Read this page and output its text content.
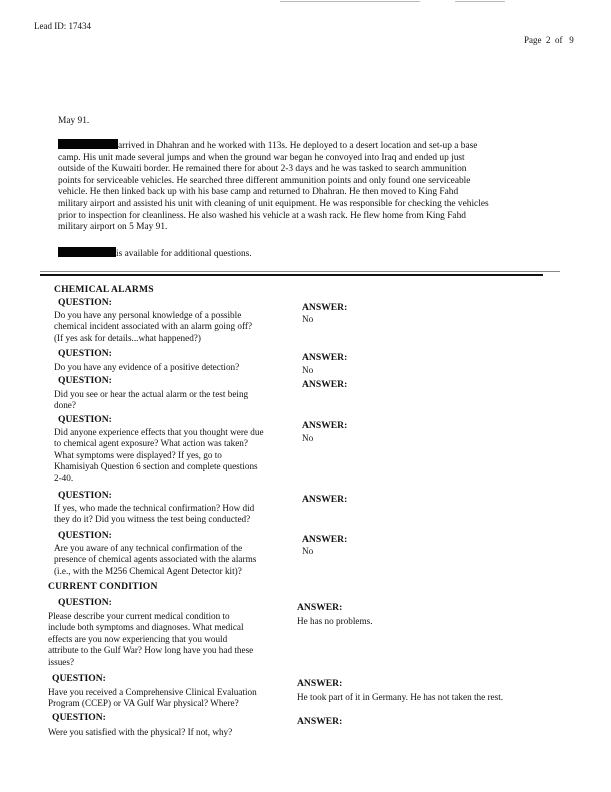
Lead ID: 17434
Page 2 of 9
May 91.
arrived in Dhahran and he worked with 113s. He deployed to a desert location and set-up a base
camp. His unit made several jumps and when the ground war began he convoyed into Iraq and ended up just
outside of the Kuwaiti border. He remained there for about 2-3 days and he was tasked to search ammunition
points for serviceable vehicles. He searched three different ammunition points and only found one serviceable
vehicle. He then linked back up with his base camp and returned to Dhahran. He then moved to King Fahd
military airport and assisted his unit with cleaning of unit equipment. He was responsible for checking the vehicles
prior to inspection for cleanliness. He also washed his vehicle at a wash rack. He flew home from King Fahd
military airport on 5 May 91.
is available for additional questions.
CHEMICAL ALARMS
QUESTION:	ANSWER:
Do you have any personal knowledge of a possible
chemical incident associated with an alarm going off?
(If yes ask for details...what happened?)
No
QUESTION:	ANSWER:
Do you have any evidence of a positive detection?	No
QUESTION:	ANSWER:
Did you see or hear the actual alarm or the test being
done?
QUESTION:
ANSWER:
Did anyone experience effects that you thought were due
to chemical agent exposure? What action was taken?
What symptoms were displayed? If yes, go to
Khamisiyah Question 6 section and complete questions
2-40.
No
QUESTION:	ANSWER:
If yes, who made the technical confirmation? How did
they do it? Did you witness the test being conducted?
QUESTION:	ANSWER:
Are you aware of any technical confirmation of the
presence of chemical agents associated with the alarms
(i.e., with the M256 Chemical Agent Detector kit)?
No
CURRENT CONDITION
QUESTION:	ANSWER:
Please describe your current medical condition to
include both symptoms and diagnoses. What medical
effects are you now experiencing that you would
attribute to the Gulf War? How long have you had these
issues?
He has no problems.
QUESTION:	ANSWER:
Have you received a Comprehensive Clinical Evaluation
Program (CCEP) or VA Gulf War physical? Where?
He took part of it in Germany. He has not taken the rest.
QUESTION:	ANSWER:
Were you satisfied with the physical? If not, why?
